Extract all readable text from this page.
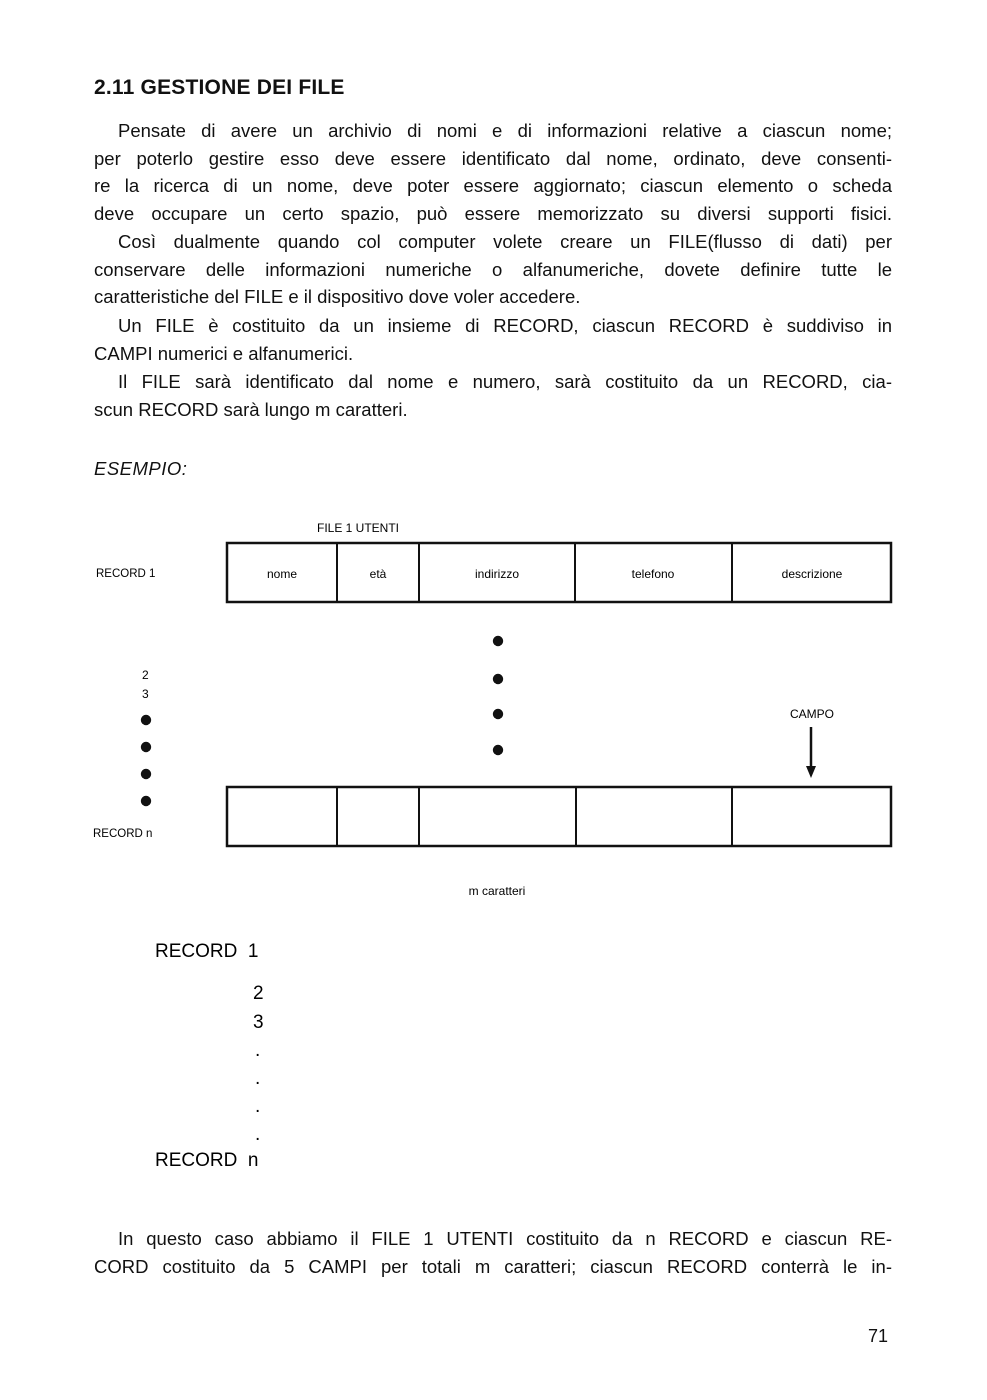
2.11 GESTIONE DEI FILE
Pensate di avere un archivio di nomi e di informazioni relative a ciascun nome;
per poterlo gestire esso deve essere identificato dal nome, ordinato, deve consenti-
re la ricerca di un nome, deve poter essere aggiornato; ciascun elemento o scheda
deve occupare un certo spazio, può essere memorizzato su diversi supporti fisici.
Così dualmente quando col computer volete creare un FILE(flusso di dati) per
conservare delle informazioni numeriche o alfanumeriche, dovete definire tutte le
caratteristiche del FILE e il dispositivo dove voler accedere.
Un FILE è costituito da un insieme di RECORD, ciascun RECORD è suddiviso in
CAMPI numerici e alfanumerici.
Il FILE sarà identificato dal nome e numero, sarà costituito da un RECORD, cia-
scun RECORD sarà lungo m caratteri.
ESEMPIO:
FILE 1 UTENTI
RECORD 1	nome	età	indirizzo	telefono	descrizione
2
3
CAMPO
RECORD n
m caratteri
RECORD  1
2
3
.
.
.
.
RECORD  n
In questo caso abbiamo il FILE 1 UTENTI costituito da n RECORD e ciascun RE-
CORD costituito da 5 CAMPI per totali m caratteri; ciascun RECORD conterrà le in-
71
